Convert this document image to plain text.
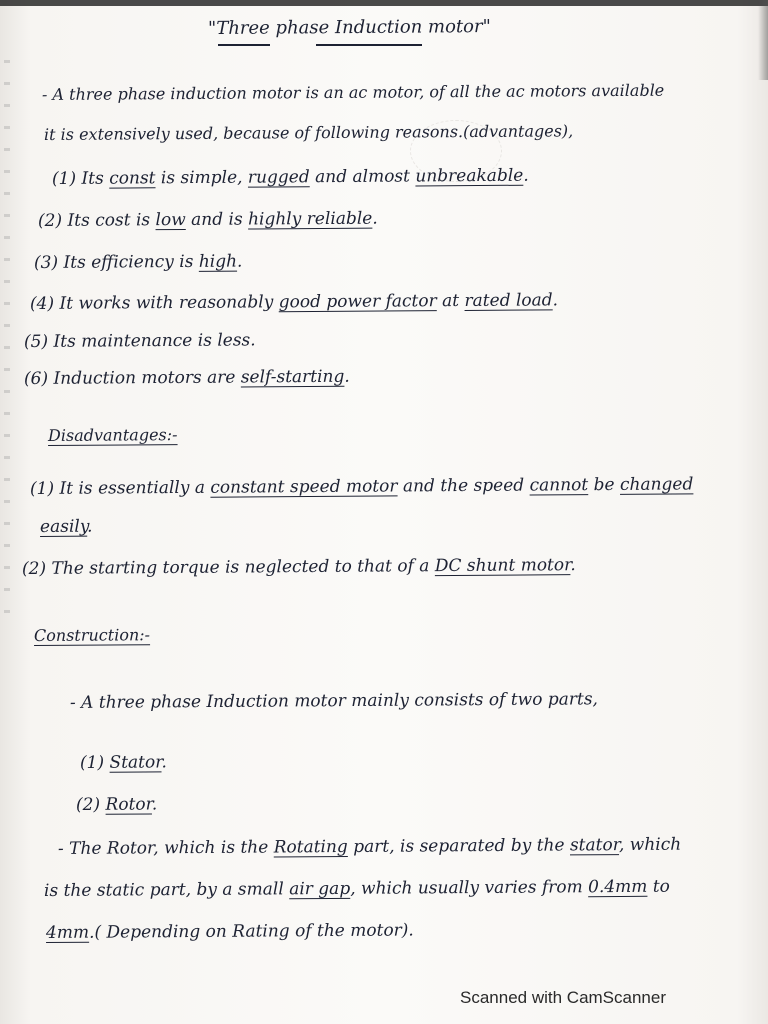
"Three phase Induction motor"
- A three phase induction motor is an ac motor, of all the ac motors available
it is extensively used, because of following reasons.(advantages),
(1) Its const is simple, rugged and almost unbreakable.
(2) Its cost is low and is highly reliable.
(3) Its efficiency is high.
(4) It works with reasonably good power factor at rated load.
(5) Its maintenance is less.
(6) Induction motors are self-starting.
Disadvantages:-
(1) It is essentially a constant speed motor and the speed cannot be changed
easily.
(2) The starting torque is neglected to that of a DC shunt motor.
Construction:-
- A three phase Induction motor mainly consists of two parts,
(1) Stator.
(2) Rotor.
- The Rotor, which is the Rotating part, is separated by the stator, which
is the static part, by a small air gap, which usually varies from 0.4mm to
4mm.( Depending on Rating of the motor).
Scanned with CamScanner
